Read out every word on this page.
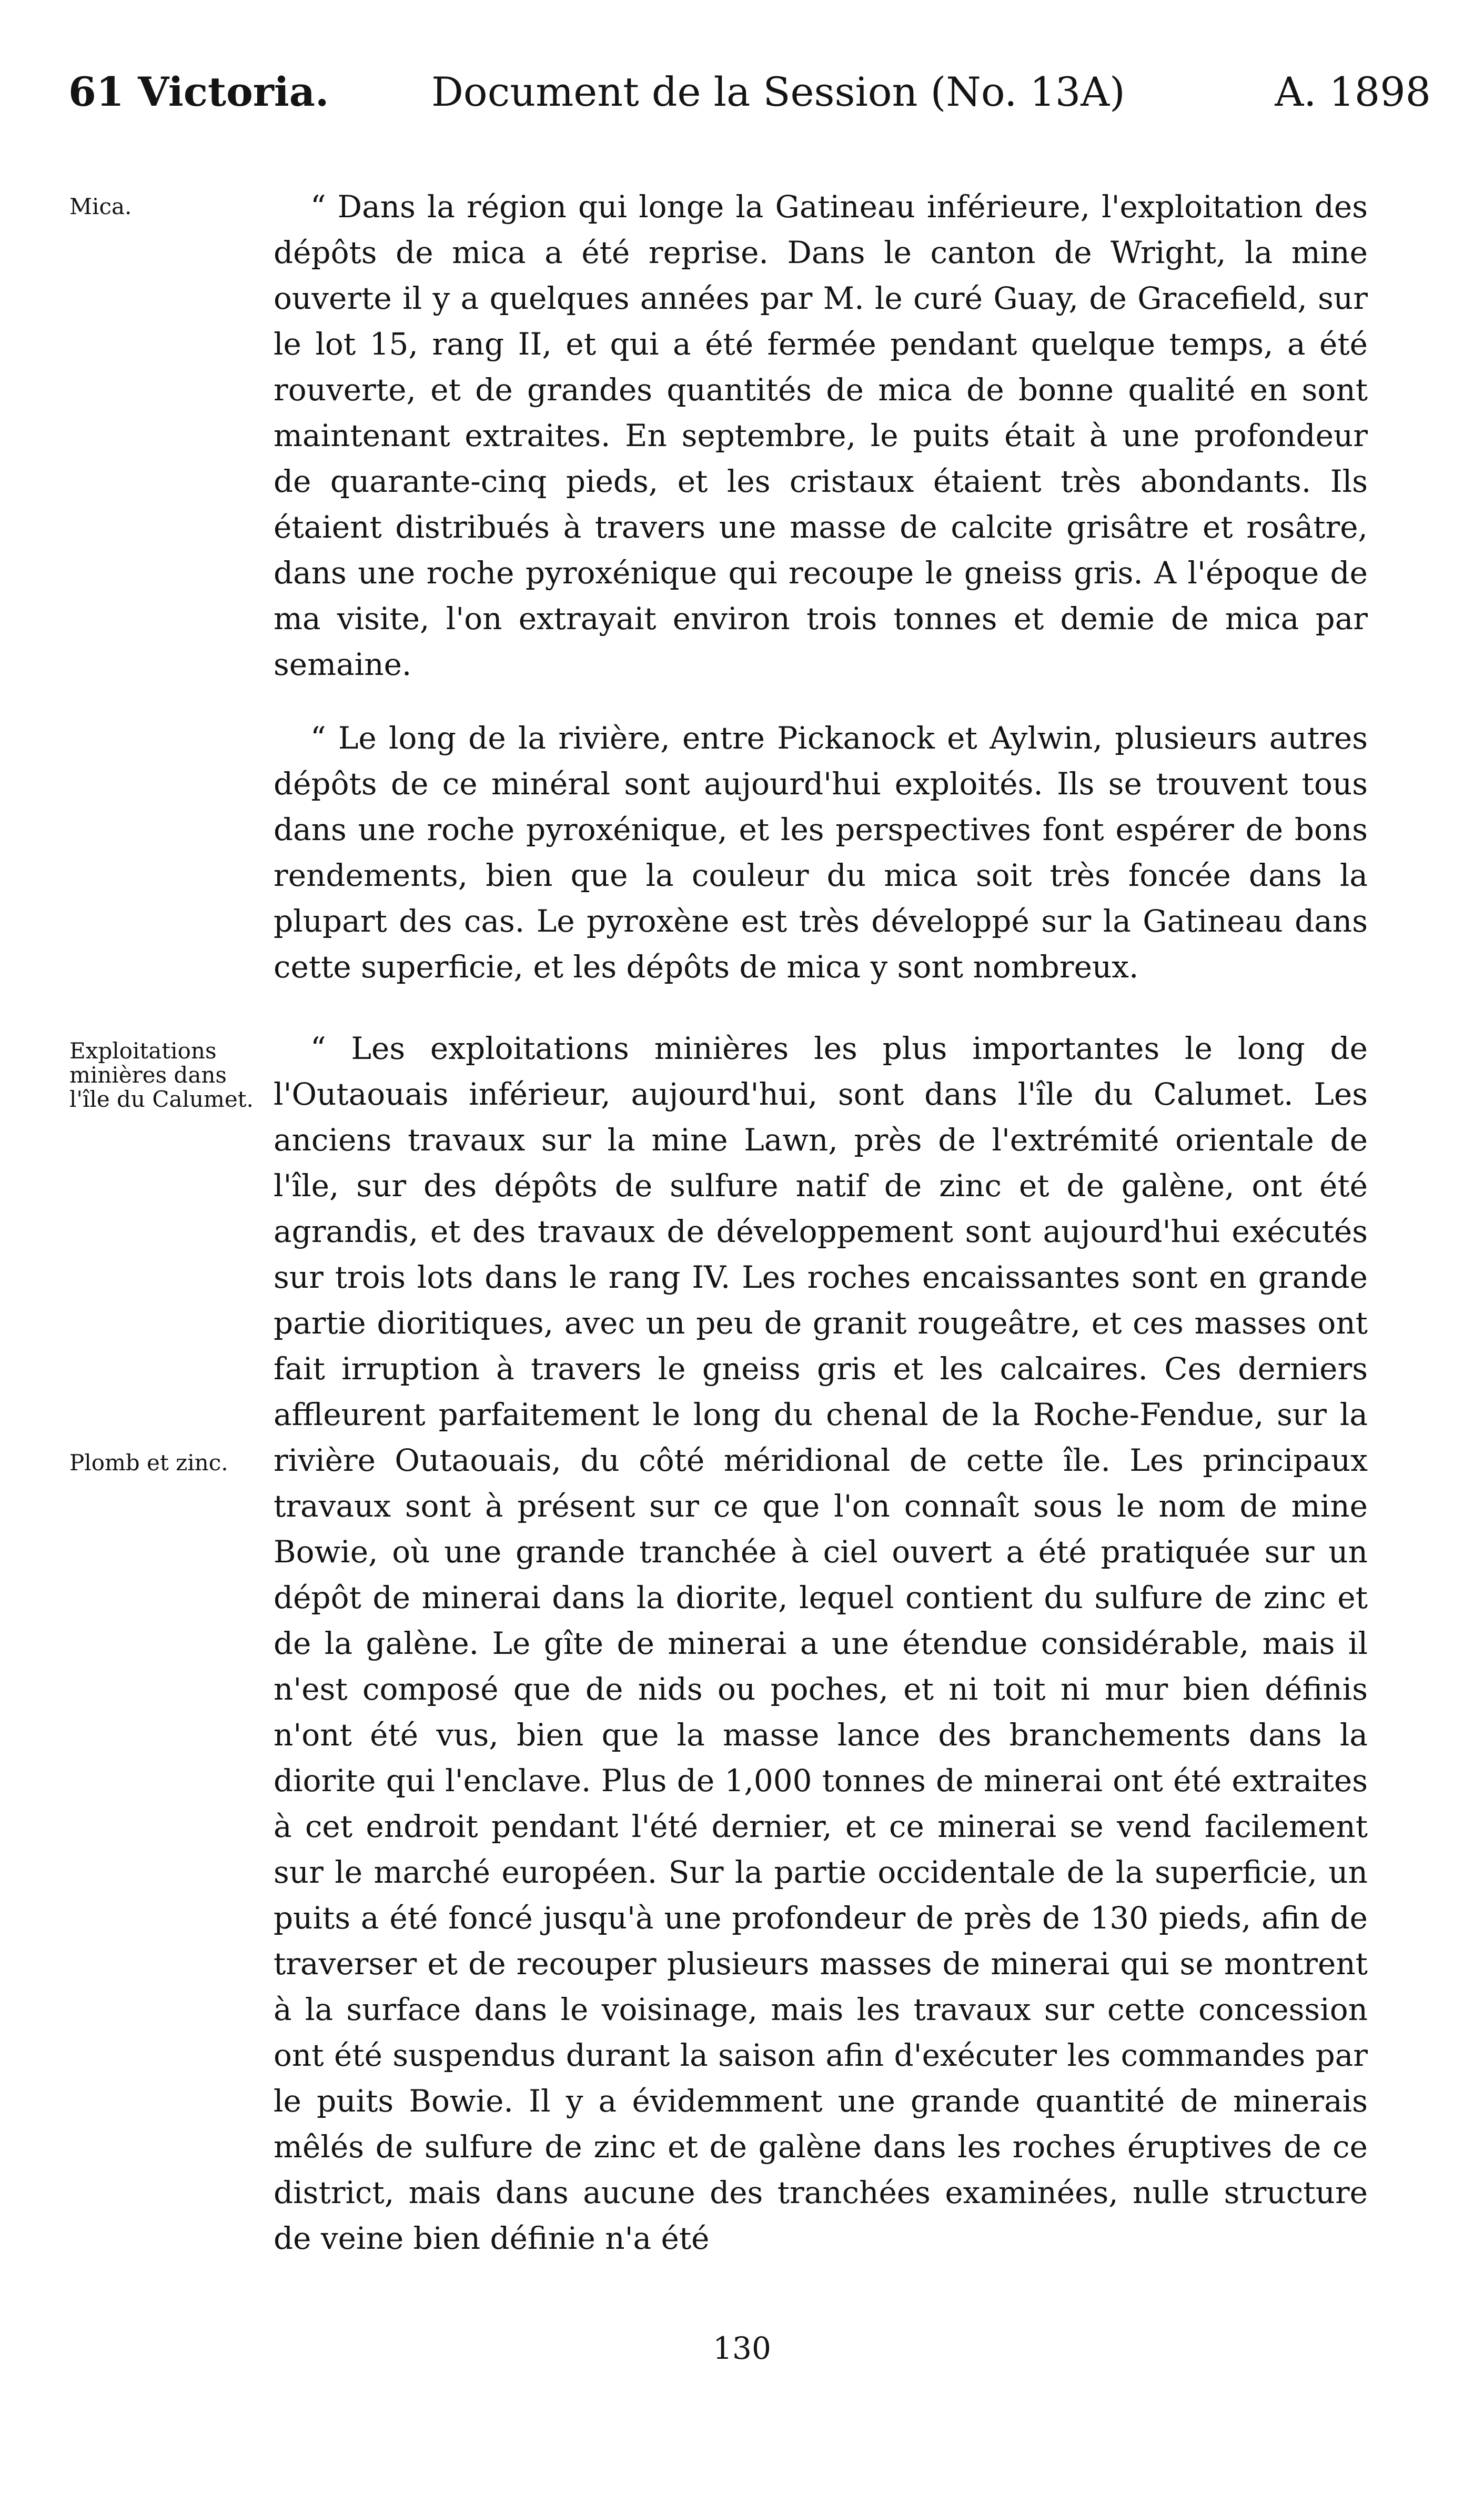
61 Victoria.	Document de la Session (No. 13A)	A. 1898
Mica.
Exploitations minières dans l'île du Calumet.
Plomb et zinc.

“ Dans la région qui longe la Gatineau inférieure, l'exploitation des dépôts de mica a été reprise. Dans le canton de Wright, la mine ouverte il y a quelques années par M. le curé Guay, de Gracefield, sur le lot 15, rang II, et qui a été fermée pendant quelque temps, a été rouverte, et de grandes quantités de mica de bonne qualité en sont maintenant extraites. En septembre, le puits était à une profondeur de quarante-cinq pieds, et les cristaux étaient très abondants. Ils étaient distribués à travers une masse de calcite grisâtre et rosâtre, dans une roche pyroxénique qui recoupe le gneiss gris. A l'époque de ma visite, l'on extrayait environ trois tonnes et demie de mica par semaine.

“ Le long de la rivière, entre Pickanock et Aylwin, plusieurs autres dépôts de ce minéral sont aujourd'hui exploités. Ils se trouvent tous dans une roche pyroxénique, et les perspectives font espérer de bons rendements, bien que la couleur du mica soit très foncée dans la plupart des cas. Le pyroxène est très développé sur la Gatineau dans cette superficie, et les dépôts de mica y sont nombreux.

“ Les exploitations minières les plus importantes le long de l'Outaouais inférieur, aujourd'hui, sont dans l'île du Calumet. Les anciens travaux sur la mine Lawn, près de l'extrémité orientale de l'île, sur des dépôts de sulfure natif de zinc et de galène, ont été agrandis, et des travaux de développement sont aujourd'hui exécutés sur trois lots dans le rang IV. Les roches encaissantes sont en grande partie dioritiques, avec un peu de granit rougeâtre, et ces masses ont fait irruption à travers le gneiss gris et les calcaires. Ces derniers affleurent parfaitement le long du chenal de la Roche-Fendue, sur la rivière Outaouais, du côté méridional de cette île. Les principaux travaux sont à présent sur ce que l'on connaît sous le nom de mine Bowie, où une grande tranchée à ciel ouvert a été pratiquée sur un dépôt de minerai dans la diorite, lequel contient du sulfure de zinc et de la galène. Le gîte de minerai a une étendue considérable, mais il n'est composé que de nids ou poches, et ni toit ni mur bien définis n'ont été vus, bien que la masse lance des branchements dans la diorite qui l'enclave. Plus de 1,000 tonnes de minerai ont été extraites à cet endroit pendant l'été dernier, et ce minerai se vend facilement sur le marché européen. Sur la partie occidentale de la superficie, un puits a été foncé jusqu'à une profondeur de près de 130 pieds, afin de traverser et de recouper plusieurs masses de minerai qui se montrent à la surface dans le voisinage, mais les travaux sur cette concession ont été suspendus durant la saison afin d'exécuter les commandes par le puits Bowie. Il y a évidemment une grande quantité de minerais mêlés de sulfure de zinc et de galène dans les roches éruptives de ce district, mais dans aucune des tranchées examinées, nulle structure de veine bien définie n'a été

130
